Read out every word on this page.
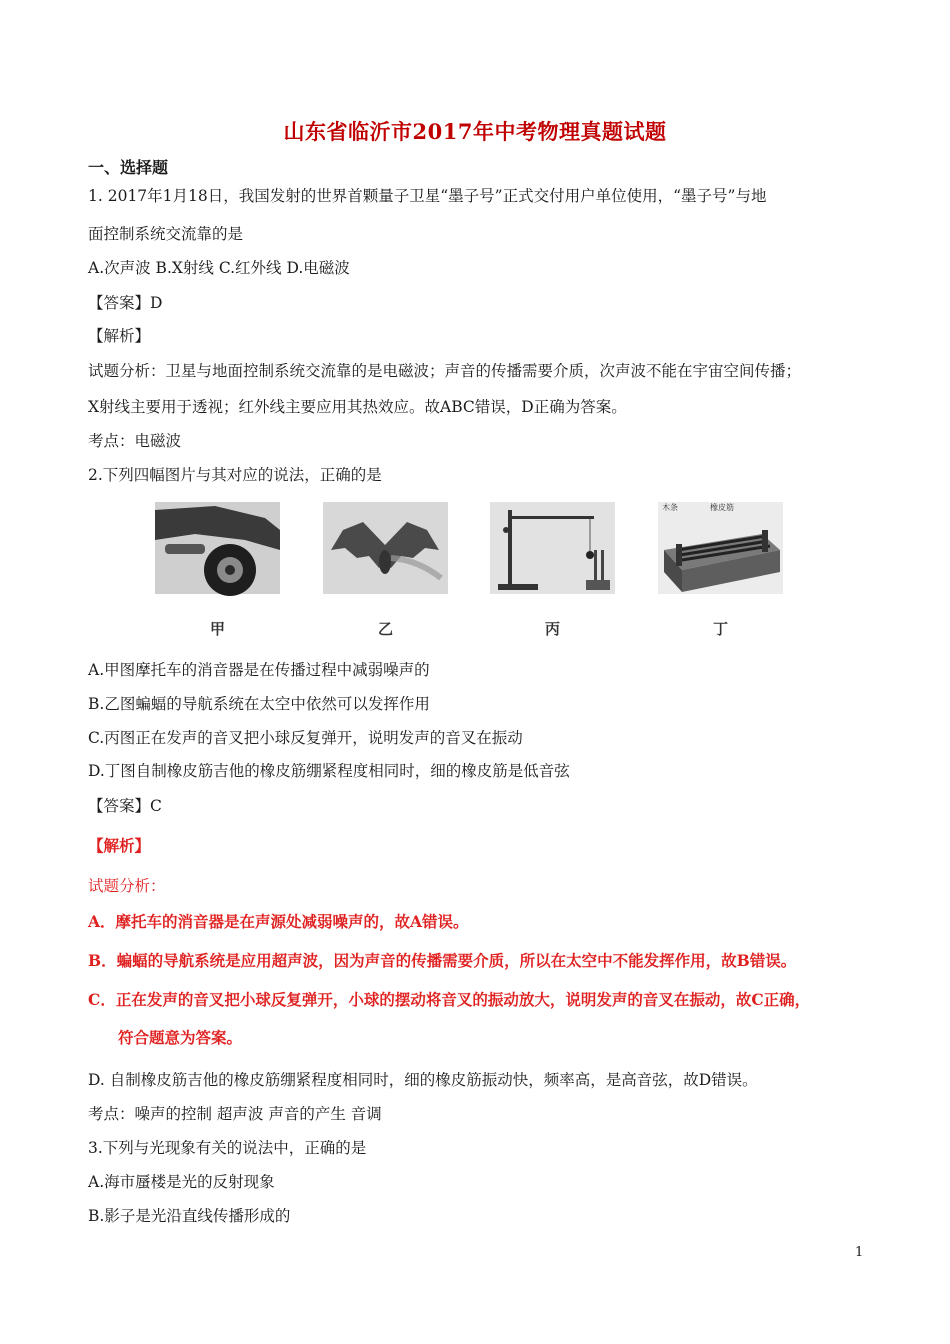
山东省临沂市2017年中考物理真题试题
一、选择题
1. 2017年1月18日，我国发射的世界首颗量子卫星“墨子号”正式交付用户单位使用，“墨子号”与地
面控制系统交流靠的是
A.次声波 B.X射线 C.红外线 D.电磁波
【答案】D
【解析】
试题分析：卫星与地面控制系统交流靠的是电磁波；声音的传播需要介质，次声波不能在宇宙空间传播；
X射线主要用于透视；红外线主要应用其热效应。故ABC错误，D正确为答案。
考点：电磁波
2.下列四幅图片与其对应的说法，正确的是
甲	乙	丙
木条	橡皮筋
丁
A.甲图摩托车的消音器是在传播过程中减弱噪声的
B.乙图蝙蝠的导航系统在太空中依然可以发挥作用
C.丙图正在发声的音叉把小球反复弹开，说明发声的音叉在振动
D.丁图自制橡皮筋吉他的橡皮筋绷紧程度相同时，细的橡皮筋是低音弦
【答案】C
【解析】
试题分析：
A．摩托车的消音器是在声源处减弱噪声的，故A错误。
B．蝙蝠的导航系统是应用超声波，因为声音的传播需要介质，所以在太空中不能发挥作用，故B错误。
C．正在发声的音叉把小球反复弹开，小球的摆动将音叉的振动放大，说明发声的音叉在振动，故C正确，
符合题意为答案。
D. 自制橡皮筋吉他的橡皮筋绷紧程度相同时，细的橡皮筋振动快，频率高，是高音弦，故D错误。
考点：噪声的控制 超声波 声音的产生 音调
3.下列与光现象有关的说法中，正确的是
A.海市蜃楼是光的反射现象
B.影子是光沿直线传播形成的
1
